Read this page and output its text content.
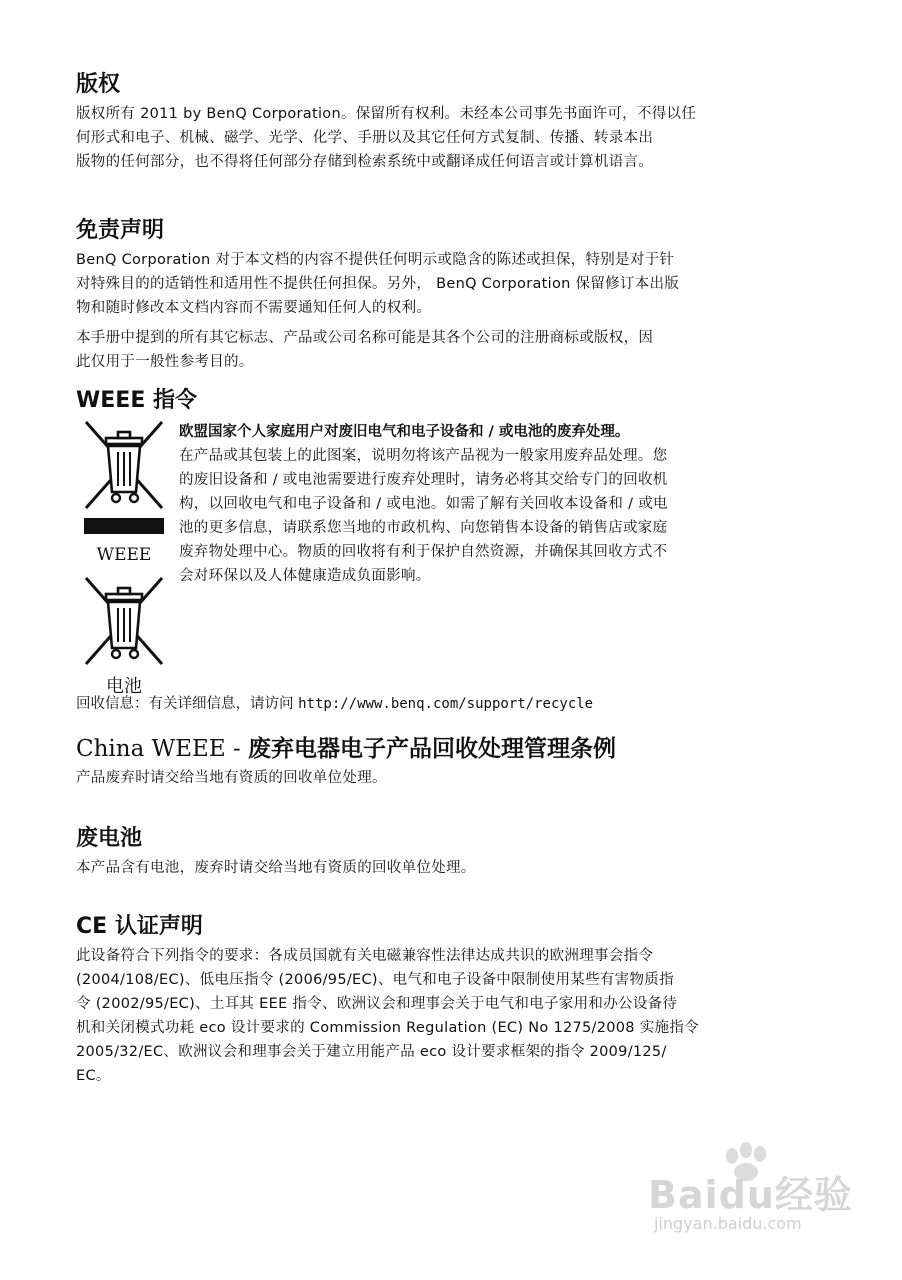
版权

版权所有 2011 by BenQ Corporation。保留所有权利。未经本公司事先书面许可，不得以任

何形式和电子、机械、磁学、光学、化学、手册以及其它任何方式复制、传播、转录本出

版物的任何部分，也不得将任何部分存储到检索系统中或翻译成任何语言或计算机语言。

免责声明

BenQ Corporation 对于本文档的内容不提供任何明示或隐含的陈述或担保，特别是对于针

对特殊目的的适销性和适用性不提供任何担保。另外， BenQ Corporation 保留修订本出版

物和随时修改本文档内容而不需要通知任何人的权利。

本手册中提到的所有其它标志、产品或公司名称可能是其各个公司的注册商标或版权，因

此仅用于一般性参考目的。

WEEE 指令
WEEE
电池

欧盟国家个人家庭用户对废旧电气和电子设备和 / 或电池的废弃处理。

在产品或其包装上的此图案，说明勿将该产品视为一般家用废弃品处理。您

的废旧设备和 / 或电池需要进行废弃处理时，请务必将其交给专门的回收机

构，以回收电气和电子设备和 / 或电池。如需了解有关回收本设备和 / 或电

池的更多信息，请联系您当地的市政机构、向您销售本设备的销售店或家庭

废弃物处理中心。物质的回收将有利于保护自然资源，并确保其回收方式不

会对环保以及人体健康造成负面影响。

回收信息：有关详细信息，请访问 http://www.benq.com/support/recycle
China WEEE - 废弃电器电子产品回收处理管理条例

产品废弃时请交给当地有资质的回收单位处理。

废电池

本产品含有电池，废弃时请交给当地有资质的回收单位处理。

CE 认证声明

此设备符合下列指令的要求：各成员国就有关电磁兼容性法律达成共识的欧洲理事会指令

(2004/108/EC)、低电压指令 (2006/95/EC)、电气和电子设备中限制使用某些有害物质指

令 (2002/95/EC)、土耳其 EEE 指令、欧洲议会和理事会关于电气和电子家用和办公设备待

机和关闭模式功耗 eco 设计要求的 Commission Regulation (EC) No 1275/2008 实施指令

2005/32/EC、欧洲议会和理事会关于建立用能产品 eco 设计要求框架的指令 2009/125/

EC。

Baidu经验
jingyan.baidu.com
